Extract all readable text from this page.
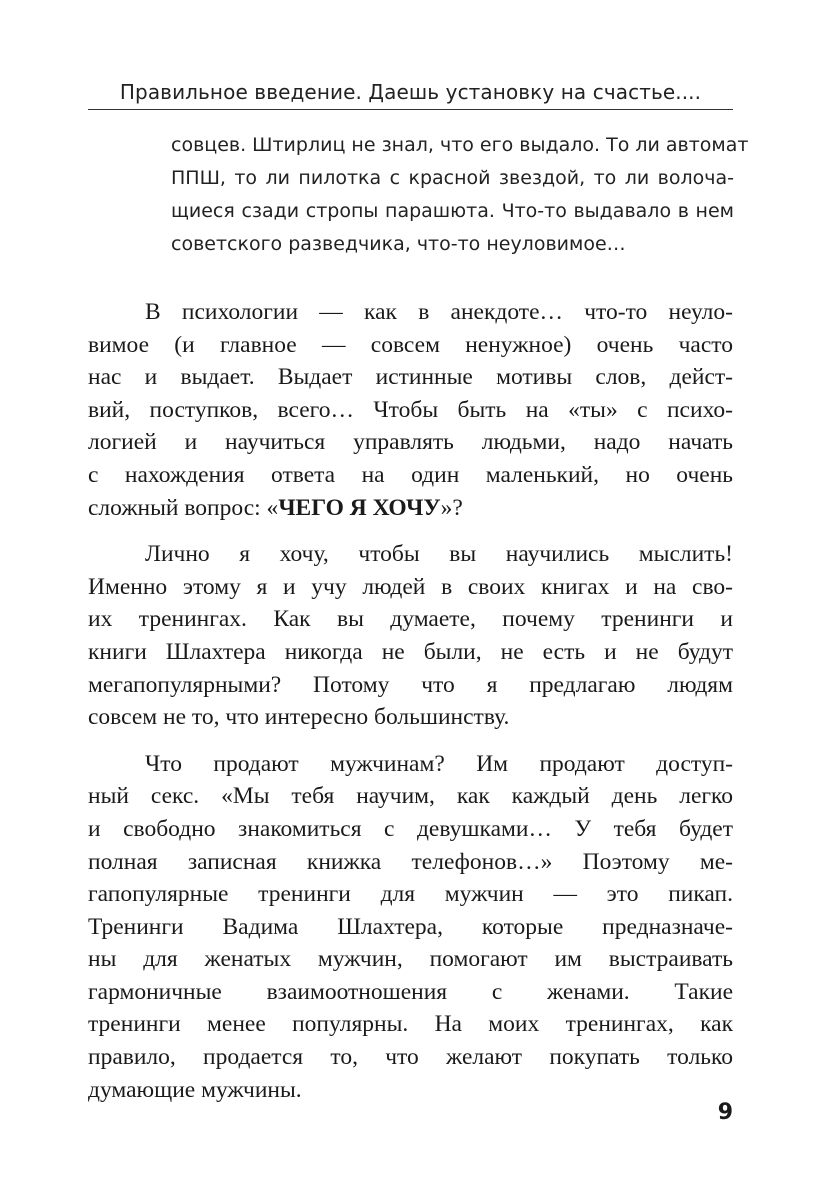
Правильное введение. Даешь установку на счастье....
совцев. Штирлиц не знал, что его выдало. То ли автомат
ППШ, то ли пилотка с красной звездой, то ли волоча-
щиеся сзади стропы парашюта. Что-то выдавало в нем
советского разведчика, что-то неуловимое…
В психологии — как в анекдоте… что-то неуло-
вимое (и главное — совсем ненужное) очень часто
нас и выдает. Выдает истинные мотивы слов, дейст-
вий, поступков, всего… Чтобы быть на «ты» с психо-
логией и научиться управлять людьми, надо начать
с нахождения ответа на один маленький, но очень
сложный вопрос: «ЧЕГО Я ХОЧУ»?
Лично я хочу, чтобы вы научились мыслить!
Именно этому я и учу людей в своих книгах и на сво-
их тренингах. Как вы думаете, почему тренинги и
книги Шлахтера никогда не были, не есть и не будут
мегапопулярными? Потому что я предлагаю людям
совсем не то, что интересно большинству.
Что продают мужчинам? Им продают доступ-
ный секс. «Мы тебя научим, как каждый день легко
и свободно знакомиться с девушками… У тебя будет
полная записная книжка телефонов…» Поэтому ме-
гапопулярные тренинги для мужчин — это пикап.
Тренинги Вадима Шлахтера, которые предназначе-
ны для женатых мужчин, помогают им выстраивать
гармоничные взаимоотношения с женами. Такие
тренинги менее популярны. На моих тренингах, как
правило, продается то, что желают покупать только
думающие мужчины.
9
